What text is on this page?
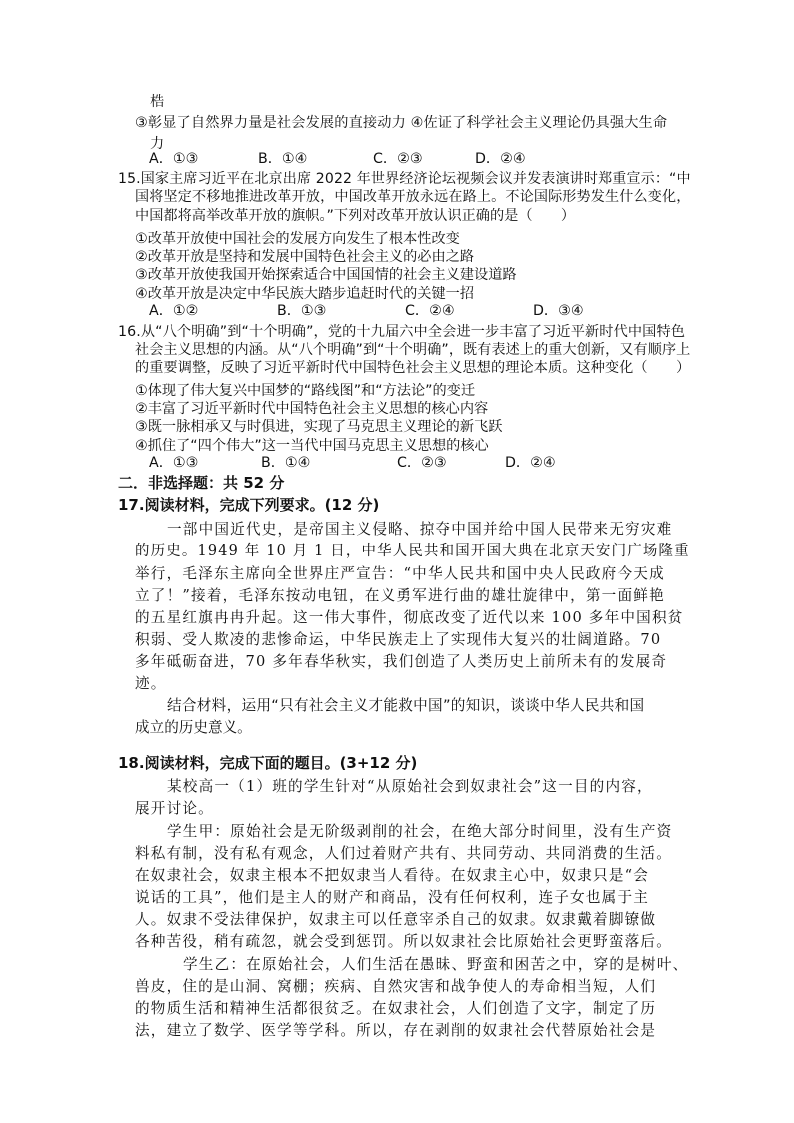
梏
③彰显了自然界力量是社会发展的直接动力 ④佐证了科学社会主义理论仍具强大生命
力
A．①③	B．①④	C．②③	D．②④
15.国家主席习近平在北京出席 2022 年世界经济论坛视频会议并发表演讲时郑重宣示：“中
国将坚定不移地推进改革开放，中国改革开放永远在路上。不论国际形势发生什么变化，
中国都将高举改革开放的旗帜。”下列对改革开放认识正确的是（　　）
①改革开放使中国社会的发展方向发生了根本性改变
②改革开放是坚持和发展中国特色社会主义的必由之路
③改革开放使我国开始探索适合中国国情的社会主义建设道路
④改革开放是决定中华民族大踏步追赶时代的关键一招
A．①②	B．①③	C．②④	D．③④
16.从“八个明确”到“十个明确”，党的十九届六中全会进一步丰富了习近平新时代中国特色
社会主义思想的内涵。从“八个明确”到“十个明确”，既有表述上的重大创新，又有顺序上
的重要调整，反映了习近平新时代中国特色社会主义思想的理论本质。这种变化（　　）
①体现了伟大复兴中国梦的“路线图”和“方法论”的变迁
②丰富了习近平新时代中国特色社会主义思想的核心内容
③既一脉相承又与时俱进，实现了马克思主义理论的新飞跃
④抓住了“四个伟大”这一当代中国马克思主义思想的核心
A．①③	B．①④	C．②③	D．②④
二．非选择题：共 52 分
17.阅读材料，完成下列要求。(12 分)
一部中国近代史，是帝国主义侵略、掠夺中国并给中国人民带来无穷灾难
的历史。1949 年 10 月 1 日，中华人民共和国开国大典在北京天安门广场隆重
举行，毛泽东主席向全世界庄严宣告：“中华人民共和国中央人民政府今天成
立了！”接着，毛泽东按动电钮，在义勇军进行曲的雄壮旋律中，第一面鲜艳
的五星红旗冉冉升起。这一伟大事件，彻底改变了近代以来 100 多年中国积贫
积弱、受人欺凌的悲惨命运，中华民族走上了实现伟大复兴的壮阔道路。70
多年砥砺奋进，70 多年春华秋实，我们创造了人类历史上前所未有的发展奇
迹。
结合材料，运用“只有社会主义才能救中国”的知识，谈谈中华人民共和国
成立的历史意义。
18.阅读材料，完成下面的题目。(3+12 分)
某校高一（1）班的学生针对“从原始社会到奴隶社会”这一目的内容，
展开讨论。
学生甲：原始社会是无阶级剥削的社会，在绝大部分时间里，没有生产资
料私有制，没有私有观念，人们过着财产共有、共同劳动、共同消费的生活。
在奴隶社会，奴隶主根本不把奴隶当人看待。在奴隶主心中，奴隶只是“会
说话的工具”，他们是主人的财产和商品，没有任何权利，连子女也属于主
人。奴隶不受法律保护，奴隶主可以任意宰杀自己的奴隶。奴隶戴着脚镣做
各种苦役，稍有疏忽，就会受到惩罚。所以奴隶社会比原始社会更野蛮落后。
学生乙：在原始社会，人们生活在愚昧、野蛮和困苦之中，穿的是树叶、
兽皮，住的是山洞、窝棚；疾病、自然灾害和战争使人的寿命相当短，人们
的物质生活和精神生活都很贫乏。在奴隶社会，人们创造了文字，制定了历
法，建立了数学、医学等学科。所以，存在剥削的奴隶社会代替原始社会是
